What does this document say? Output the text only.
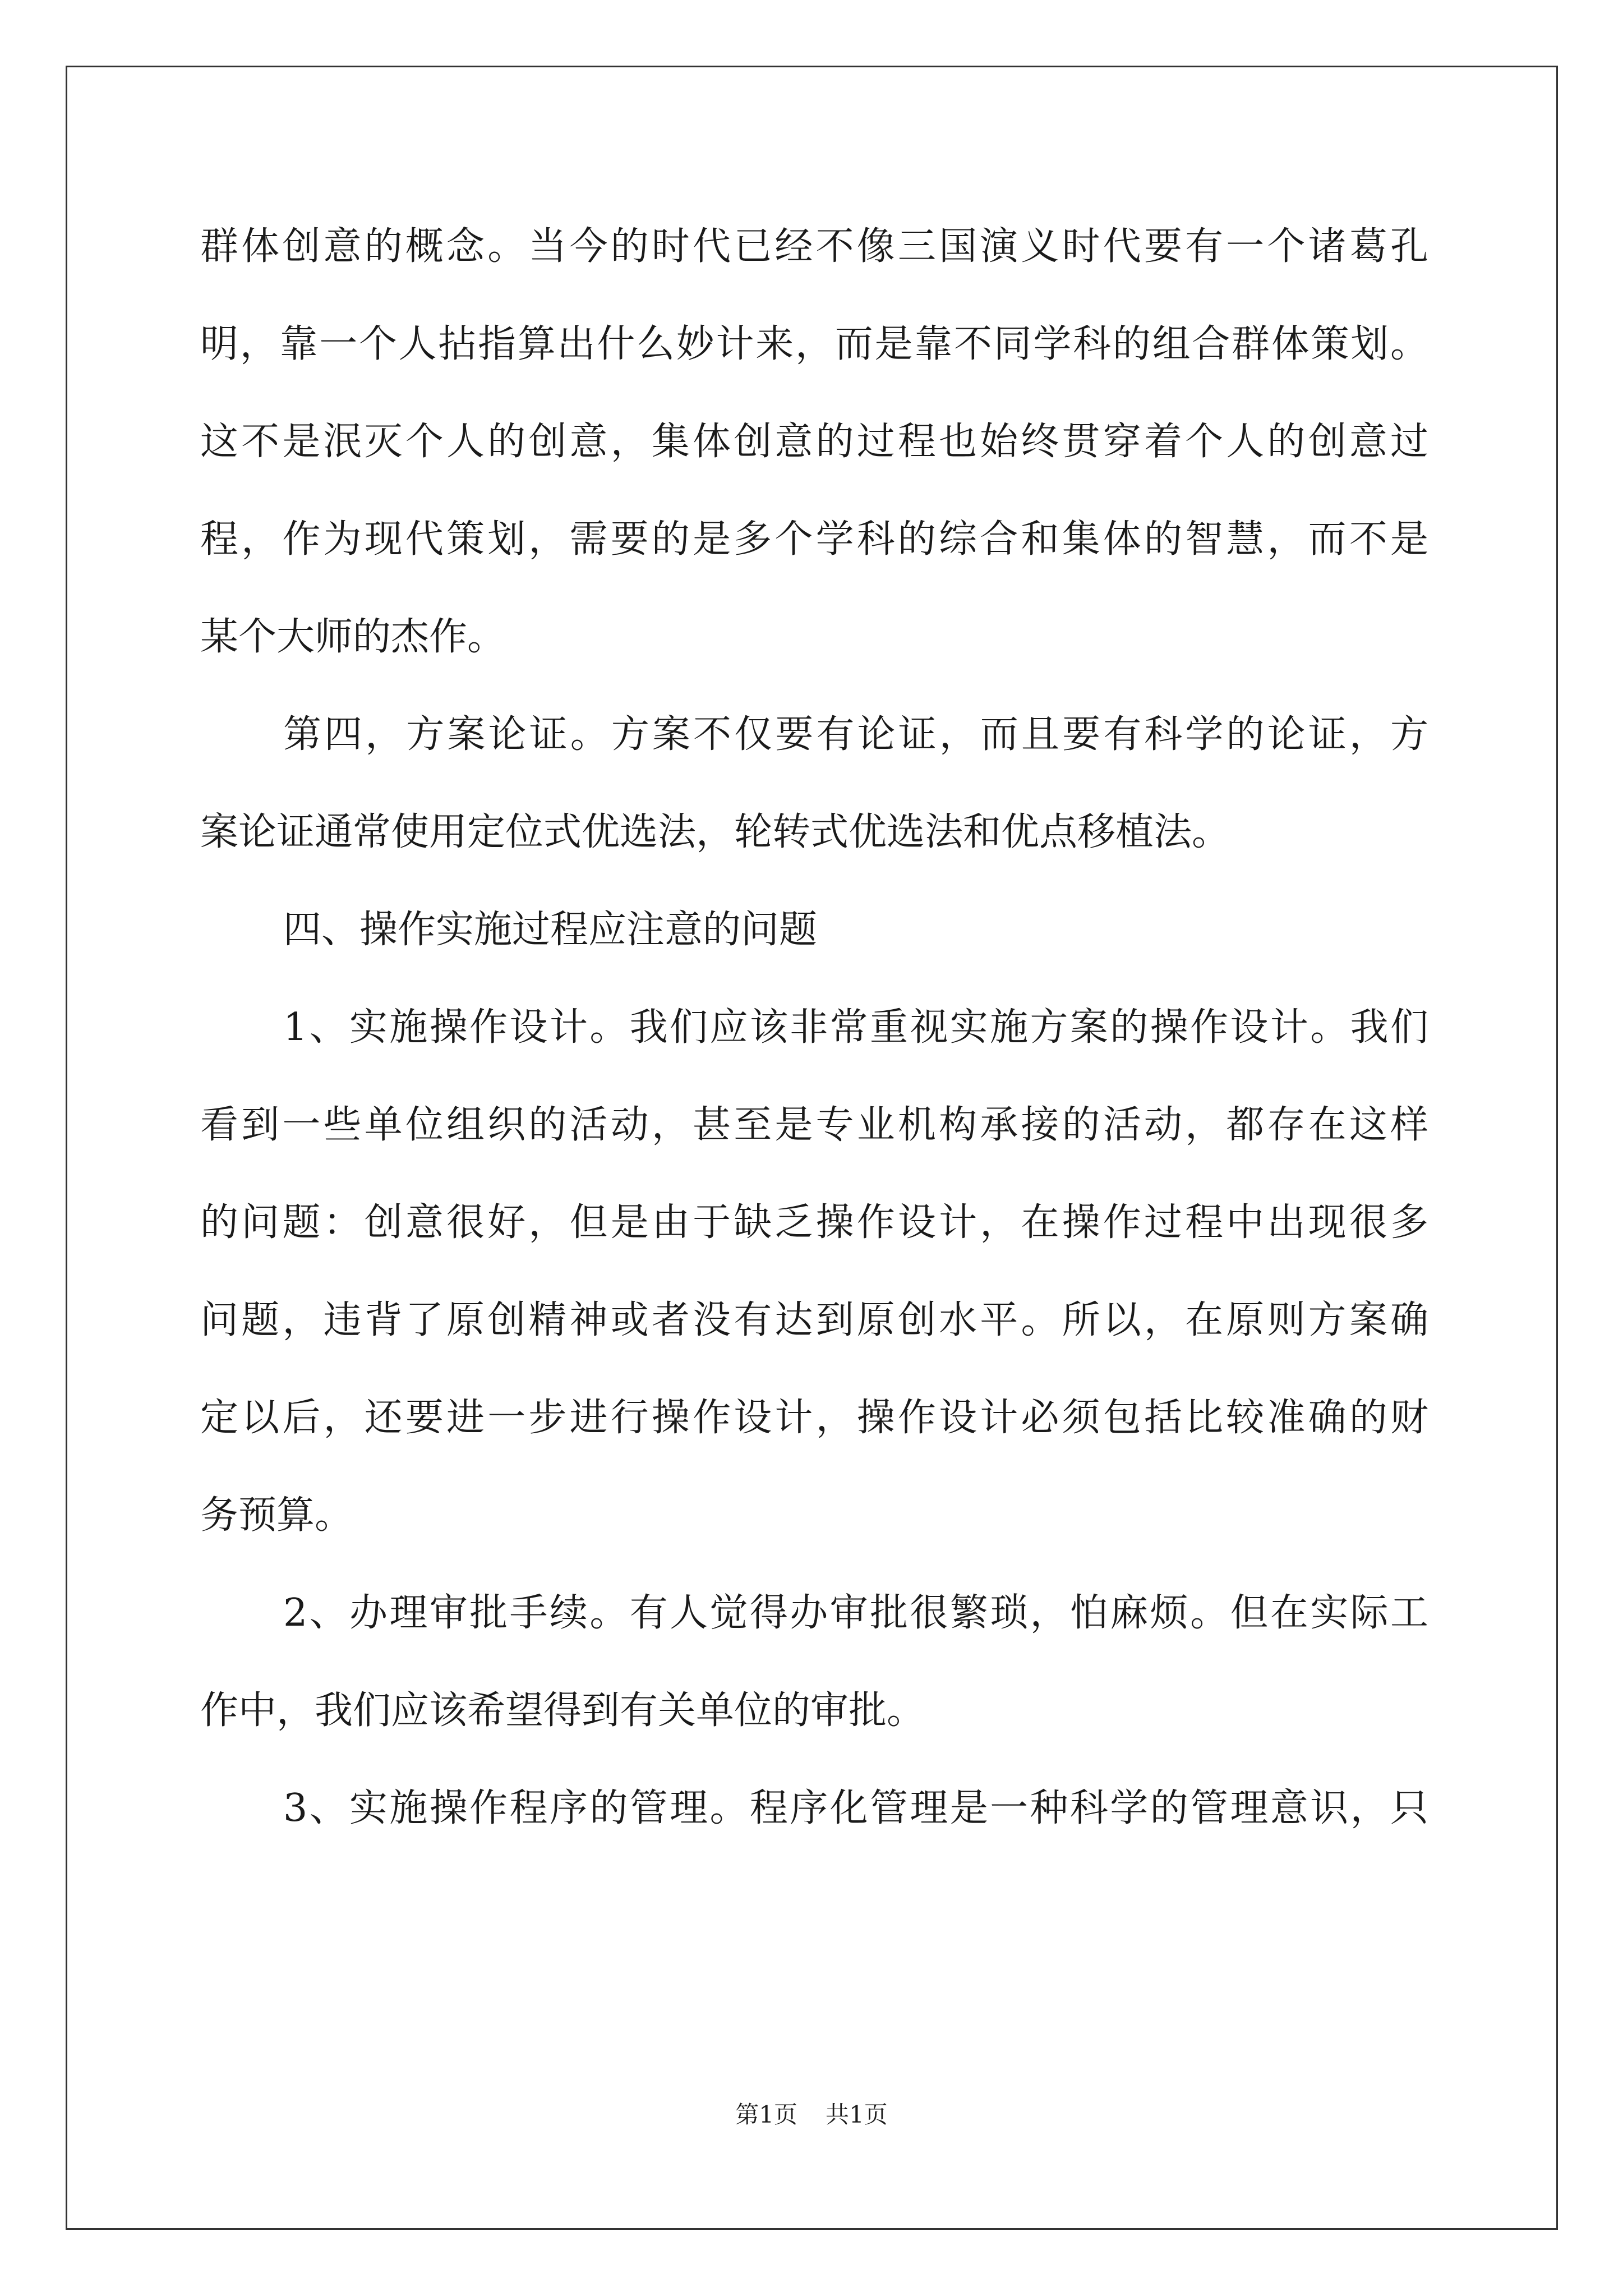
群体创意的概念。当今的时代已经不像三国演义时代要有一个诸葛孔
明，靠一个人拈指算出什么妙计来，而是靠不同学科的组合群体策划。
这不是泯灭个人的创意，集体创意的过程也始终贯穿着个人的创意过
程，作为现代策划，需要的是多个学科的综合和集体的智慧，而不是
某个大师的杰作。
第四，方案论证。方案不仅要有论证，而且要有科学的论证，方
案论证通常使用定位式优选法，轮转式优选法和优点移植法。
四、操作实施过程应注意的问题
1、实施操作设计。我们应该非常重视实施方案的操作设计。我们
看到一些单位组织的活动，甚至是专业机构承接的活动，都存在这样
的问题：创意很好，但是由于缺乏操作设计，在操作过程中出现很多
问题，违背了原创精神或者没有达到原创水平。所以，在原则方案确
定以后，还要进一步进行操作设计，操作设计必须包括比较准确的财
务预算。
2、办理审批手续。有人觉得办审批很繁琐，怕麻烦。但在实际工
作中，我们应该希望得到有关单位的审批。
3、实施操作程序的管理。程序化管理是一种科学的管理意识，只
第1页 共1页
